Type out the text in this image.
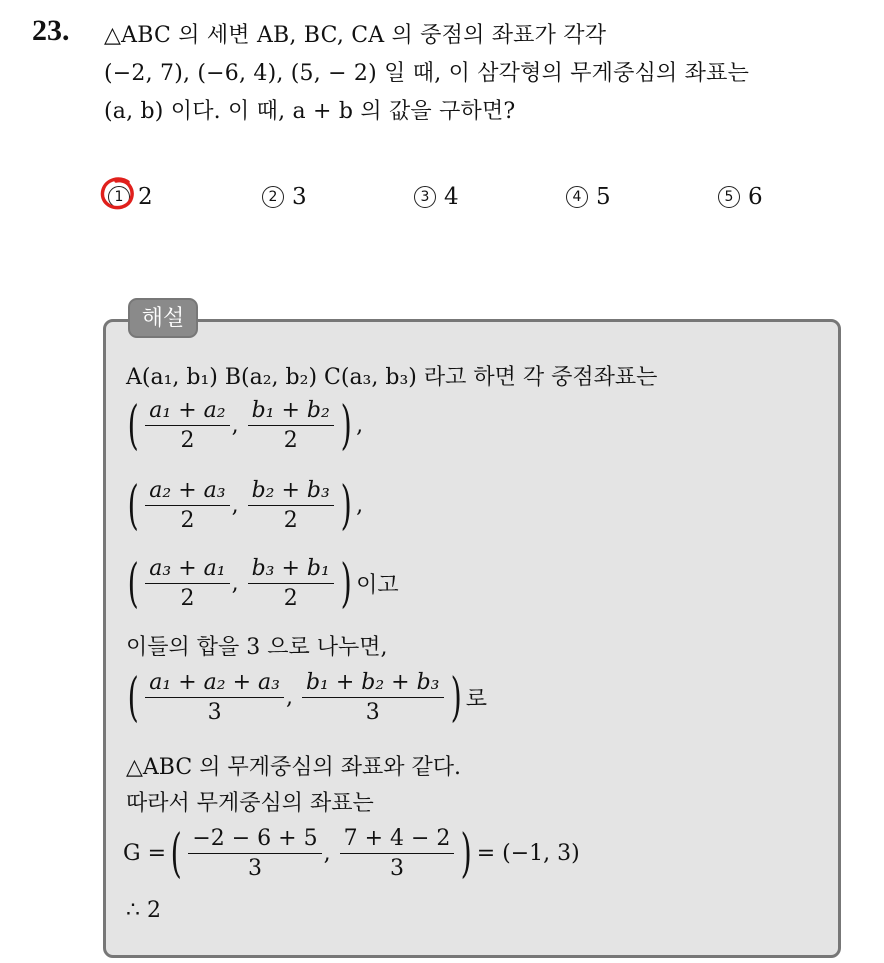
23. △ABC 의 세변 AB, BC, CA 의 중점의 좌표가 각각
(−2, 7), (−6, 4), (5, − 2) 일 때, 이 삼각형의 무게중심의 좌표는
(a, b) 이다. 이 때, a + b 의 값을 구하면?
1 2	2 3	3 4	4 5	5 6
해설
A(a₁, b₁) B(a₂, b₂) C(a₃, b₃) 라고 하면 각 중점좌표는
( $\frac{\text{a₁ + a₂}}{2}$ , $\frac{\text{b₁ + b₂}}{2}$ ) ,
( $\frac{\text{a₂ + a₃}}{2}$ , $\frac{\text{b₂ + b₃}}{2}$ ) ,
( $\frac{\text{a₃ + a₁}}{2}$ , $\frac{\text{b₃ + b₁}}{2}$ ) 이고
이들의 합을 3 으로 나누면,
( $\frac{\text{a₁ + a₂ + a₃}}{3}$ , $\frac{\text{b₁ + b₂ + b₃}}{3}$ ) 로
△ABC 의 무게중심의 좌표와 같다.
따라서 무게중심의 좌표는
G = ( $\frac{-2 - 6 + 5}{3}$ , $\frac{7 + 4 - 2}{3}$ ) = (−1, 3)
∴ 2
